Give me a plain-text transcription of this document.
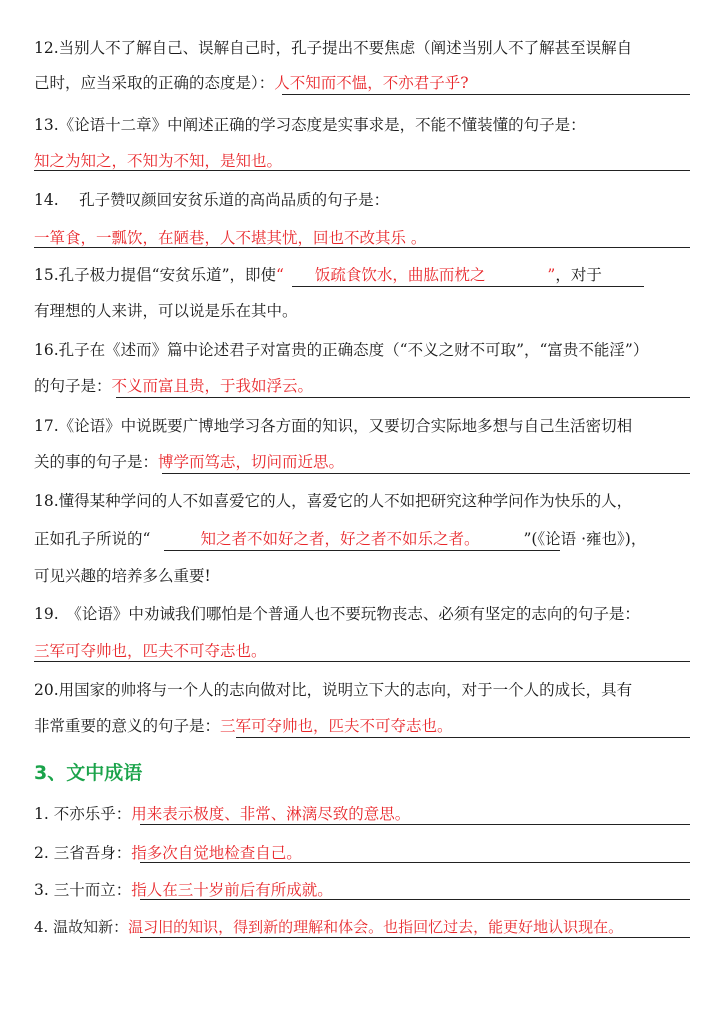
12.当别人不了解自己、误解自己时，孔子提出不要焦虑（阐述当别人不了解甚至误解自
己时，应当采取的正确的态度是）：人不知而不愠，不亦君子乎?
13.《论语十二章》中阐述正确的学习态度是实事求是，不能不懂装懂的句子是：
知之为知之，不知为不知，是知也。
14.　 孔子赞叹颜回安贫乐道的高尚品质的句子是：
一箪食，一瓢饮，在陋巷，人不堪其忧，回也不改其乐 。
15.孔子极力提倡“安贫乐道”，即使“　　饭疏食饮水，曲肱而枕之　　　　”，对于
有理想的人来讲，可以说是乐在其中。
16.孔子在《述而》篇中论述君子对富贵的正确态度（“不义之财不可取”，“富贵不能淫”）
的句子是：不义而富且贵，于我如浮云。
17.《论语》中说既要广博地学习各方面的知识，又要切合实际地多想与自己生活密切相
关的事的句子是：博学而笃志，切问而近思。
18.懂得某种学问的人不如喜爱它的人，喜爱它的人不如把研究这种学问作为快乐的人，
正如孔子所说的“	知之者不如好之者，好之者不如乐之者。	”(《论语 ·雍也》)，
可见兴趣的培养多么重要!
19.　《论语》中劝诫我们哪怕是个普通人也不要玩物丧志、必须有坚定的志向的句子是：
三军可夺帅也，匹夫不可夺志也。
20.用国家的帅将与一个人的志向做对比，说明立下大的志向，对于一个人的成长，具有
非常重要的意义的句子是：三军可夺帅也，匹夫不可夺志也。
3、文中成语
1. 不亦乐乎：用来表示极度、非常、淋漓尽致的意思。
2. 三省吾身：指多次自觉地检查自己。
3. 三十而立：指人在三十岁前后有所成就。
4. 温故知新：温习旧的知识，得到新的理解和体会。也指回忆过去，能更好地认识现在。
